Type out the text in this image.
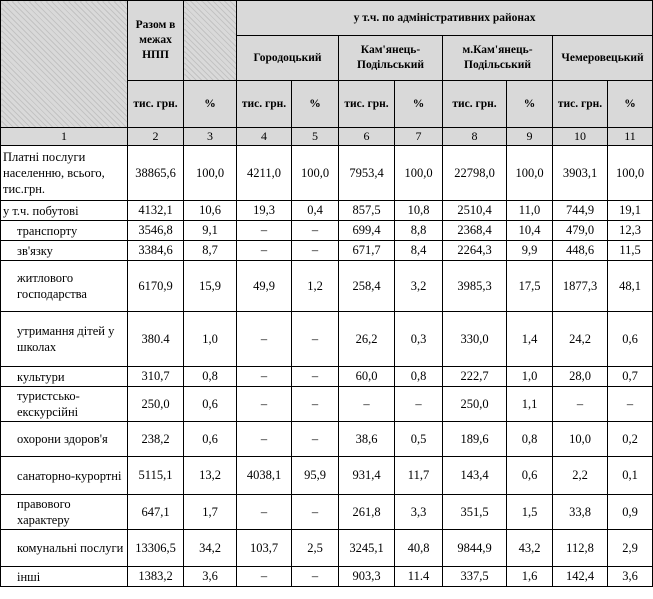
	Разом в межах НПП		у т.ч. по адміністративних районах							
			Городоцький		Кам'янець-Подільський		м.Кам'янець-Подільський		Чемеровецький	
	тис. грн.	%	тис. грн.	%	тис. грн.	%	тис. грн.	%	тис. грн.	%
1	2	3	4	5	6	7	8	9	10	11
Платні послуги населенню, всього, тис.грн.	38865,6	100,0	4211,0	100,0	7953,4	100,0	22798,0	100,0	3903,1	100,0
у т.ч. побутові	4132,1	10,6	19,3	0,4	857,5	10,8	2510,4	11,0	744,9	19,1
транспорту	3546,8	9,1	–	–	699,4	8,8	2368,4	10,4	479,0	12,3
зв'язку	3384,6	8,7	–	–	671,7	8,4	2264,3	9,9	448,6	11,5
житлового господарства	6170,9	15,9	49,9	1,2	258,4	3,2	3985,3	17,5	1877,3	48,1
утримання дітей у школах	380.4	1,0	–	–	26,2	0,3	330,0	1,4	24,2	0,6
культури	310,7	0,8	–	–	60,0	0,8	222,7	1,0	28,0	0,7
туристсько-екскурсійні	250,0	0,6	–	–	–	–	250,0	1,1	–	–
охорони здоров'я	238,2	0,6	–	–	38,6	0,5	189,6	0,8	10,0	0,2
санаторно-курортні	5115,1	13,2	4038,1	95,9	931,4	11,7	143,4	0,6	2,2	0,1
правового характеру	647,1	1,7	–	–	261,8	3,3	351,5	1,5	33,8	0,9
комунальні послуги	13306,5	34,2	103,7	2,5	3245,1	40,8	9844,9	43,2	112,8	2,9
інші	1383,2	3,6	–	–	903,3	11.4	337,5	1,6	142,4	3,6
